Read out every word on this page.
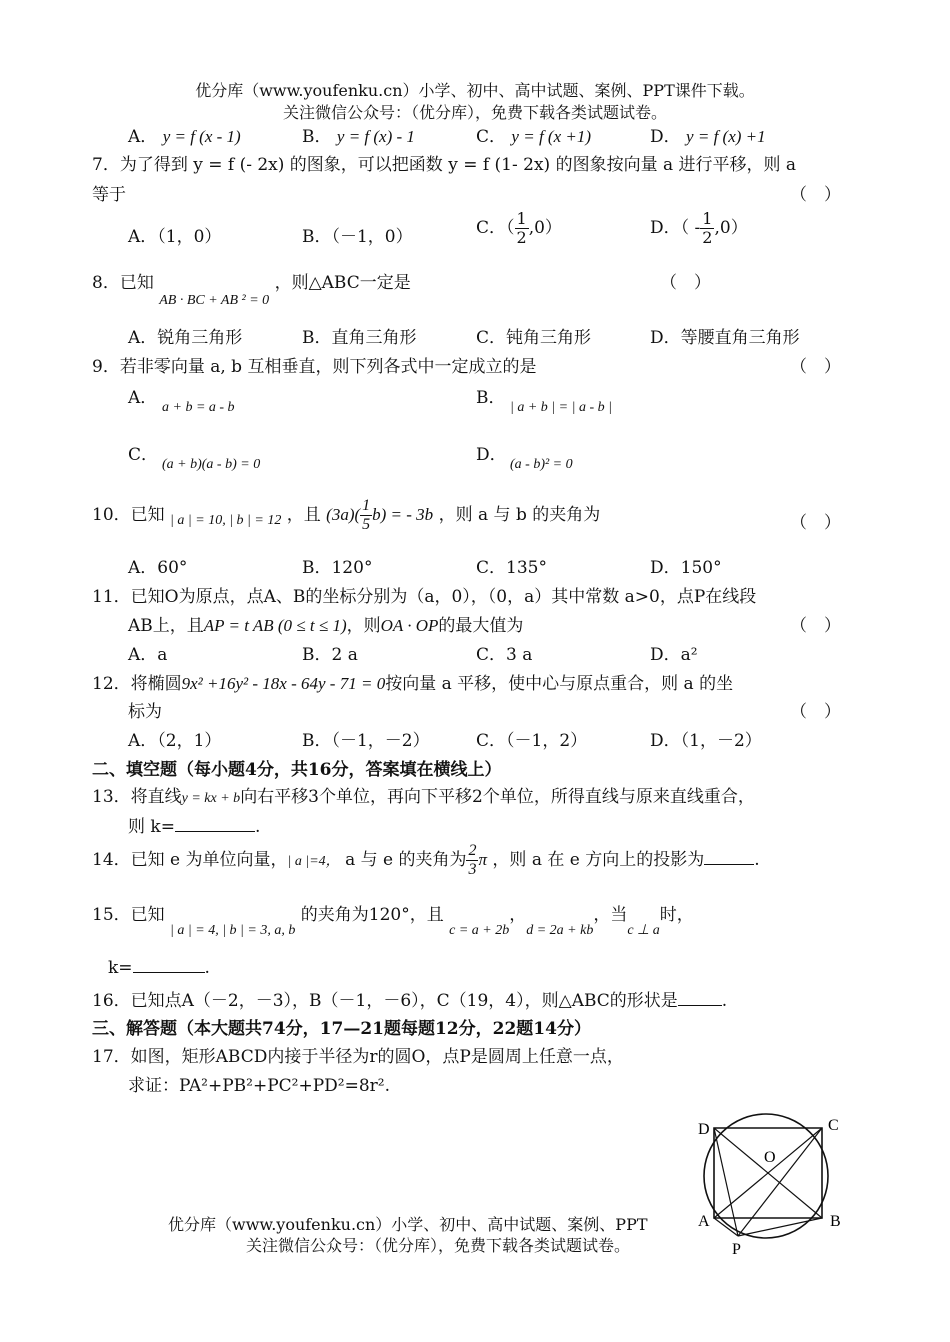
优分库（www.youfenku.cn）小学、初中、高中试题、案例、PPT课件下载。
关注微信公众号：（优分库），免费下载各类试题试卷。
A． y = f (x - 1)	B． y = f (x) - 1	C． y = f (x +1)	D． y = f (x) +1
7．为了得到 y = f (- 2x) 的图象，可以把函数 y = f (1- 2x) 的图象按向量 a 进行平移，则 a
等于	（　）
A．（1，0）	B．（－1，0）	C．（ $\frac{1}{2} ,0$）	D．（ - $\frac{1}{2} ,0$）
8．已知 $_{AB \cdot BC + AB ^2 = 0}$ ，则△ABC一定是	（　）
A．锐角三角形	B．直角三角形	C．钝角三角形	D．等腰直角三角形
9．若非零向量 a, b 互相垂直，则下列各式中一定成立的是	（　）
A． a + b = a - b	B． | a + b | = | a - b |
C． (a + b)(a - b) = 0	D． (a - b)² = 0
10．已知 $_{| a | = 10, | b | = 12}$ ，且 $(3a)( \frac{1}{5} b)$ = - 3b ，则 a 与 b 的夹角为	（　）
A．60°	B．120°	C．135°	D．150°
11．已知O为原点，点A、B的坐标分别为（a，0），（0，a）其中常数 a>0，点P在线段
AB上，且AP = t AB (0 ≤ t ≤ 1)，则OA · OP的最大值为	（　）
A．a	B．2 a	C．3 a	D．a²
12．将椭圆9x² +16y² - 18x - 64y - 71 = 0按向量 a 平移，使中心与原点重合，则 a 的坐
标为	（　）
A．（2，1）	B．（－1，－2）	C．（－1，2）	D．（1，－2）
二、填空题（每小题4分，共16分，答案填在横线上）
13．将直线y = kx + b向右平移3个单位，再向下平移2个单位，所得直线与原来直线重合，
则 k=	.
14．已知 e 为单位向量，| a |=4， a 与 e 的夹角为 $\frac{2}{3}$ π ，则 a 在 e 方向上的投影为	.
15．已知 $_{| a | = 4, | b | = 3, a, b}$ 的夹角为120°，且 $_{c = a + 2b}$，$_{d = 2a + kb}$，当$_{c \perp a}$时，
k=	.
16．已知点A（－2，－3），B（－1，－6），C（19，4），则△ABC的形状是	.
三、解答题（本大题共74分，17—21题每题12分，22题14分）
17．如图，矩形ABCD内接于半径为r的圆O，点P是圆周上任意一点，
求证：PA²+PB²+PC²+PD²=8r².
D	C
O
A	B
P
优分库（www.youfenku.cn）小学、初中、高中试题、案例、PPT
关注微信公众号：（优分库），免费下载各类试题试卷。
